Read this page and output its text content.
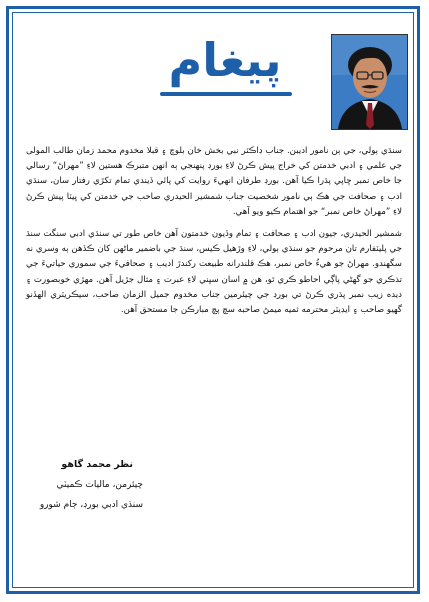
پيغام

سنڌي ٻولي، جي ٻن نامور اديبن. جناب ڊاڪٽر نبي بخش خان بلوچ ۽ قبلا مخدوم محمد زمان طالب المولى جي علمي ۽ ادبي خدمتن کي خراج پيش ڪرڻ لاءِ بورڊ پنهنجي ٻه انهن متبرڪ هستين لاءِ ”مهراڻ“ رسالي جا خاص نمبر ڇاپي پڌرا ڪيا آهن. بورڊ طرفان انهيءَ روايت کي پائي ڏيندي تمام تکڙي رفتار سان، سنڌي ادب ۽ صحافت جي هڪ ٻي نامور شخصيت جناب شمشير الحيدري صاحب جي خدمتن کي ڀيٽا پيش ڪرڻ لاءِ ”مهراڻ خاص نمبر“ جو اهتمام ڪيو ويو آهي.

شمشير الحيدري، جيون ادب ۽ صحافت ۽ تمام وڏيون خدمتون آهن خاص طور تي سنڌي ادبي سنگت سنڌ جي پليٽفارم تان مرحوم جو سنڌي ٻولي، لاءِ وڙهيل ڪيس، سنڌ جي باضمير ماڻهن کان ڪڏهن ٻه وسري نه سگهندو. مهراڻ جو هيءُ خاص نمبر، هڪ قلندرانه طبيعت رکندڙ اديب ۽ صحافيءَ جي سموري حياتيءَ جي تذڪري جو گهڻي پاڳي احاطو ڪري ٿو، هن ۾ اسان سڀني لاءِ عبرت ۽ مثال جڙيل آهن. مهڙي خوبصورت ۽ ديده زيب نمبر پڌري ڪرڻ تي بورڊ جي چيئرمين جناب مخدوم جميل الزمان صاحب، سيڪريٽري الهڏنو گهيو صاحب ۽ ايڊيٽر محترمه ثميه ميمڻ صاحبه سچ پچ مبارڪن جا مستحق آهن.

نظر محمد گاهو
چيئرمن، ماليات ڪميٽي
سنڌي ادبي بورڊ، ڄام شورو
